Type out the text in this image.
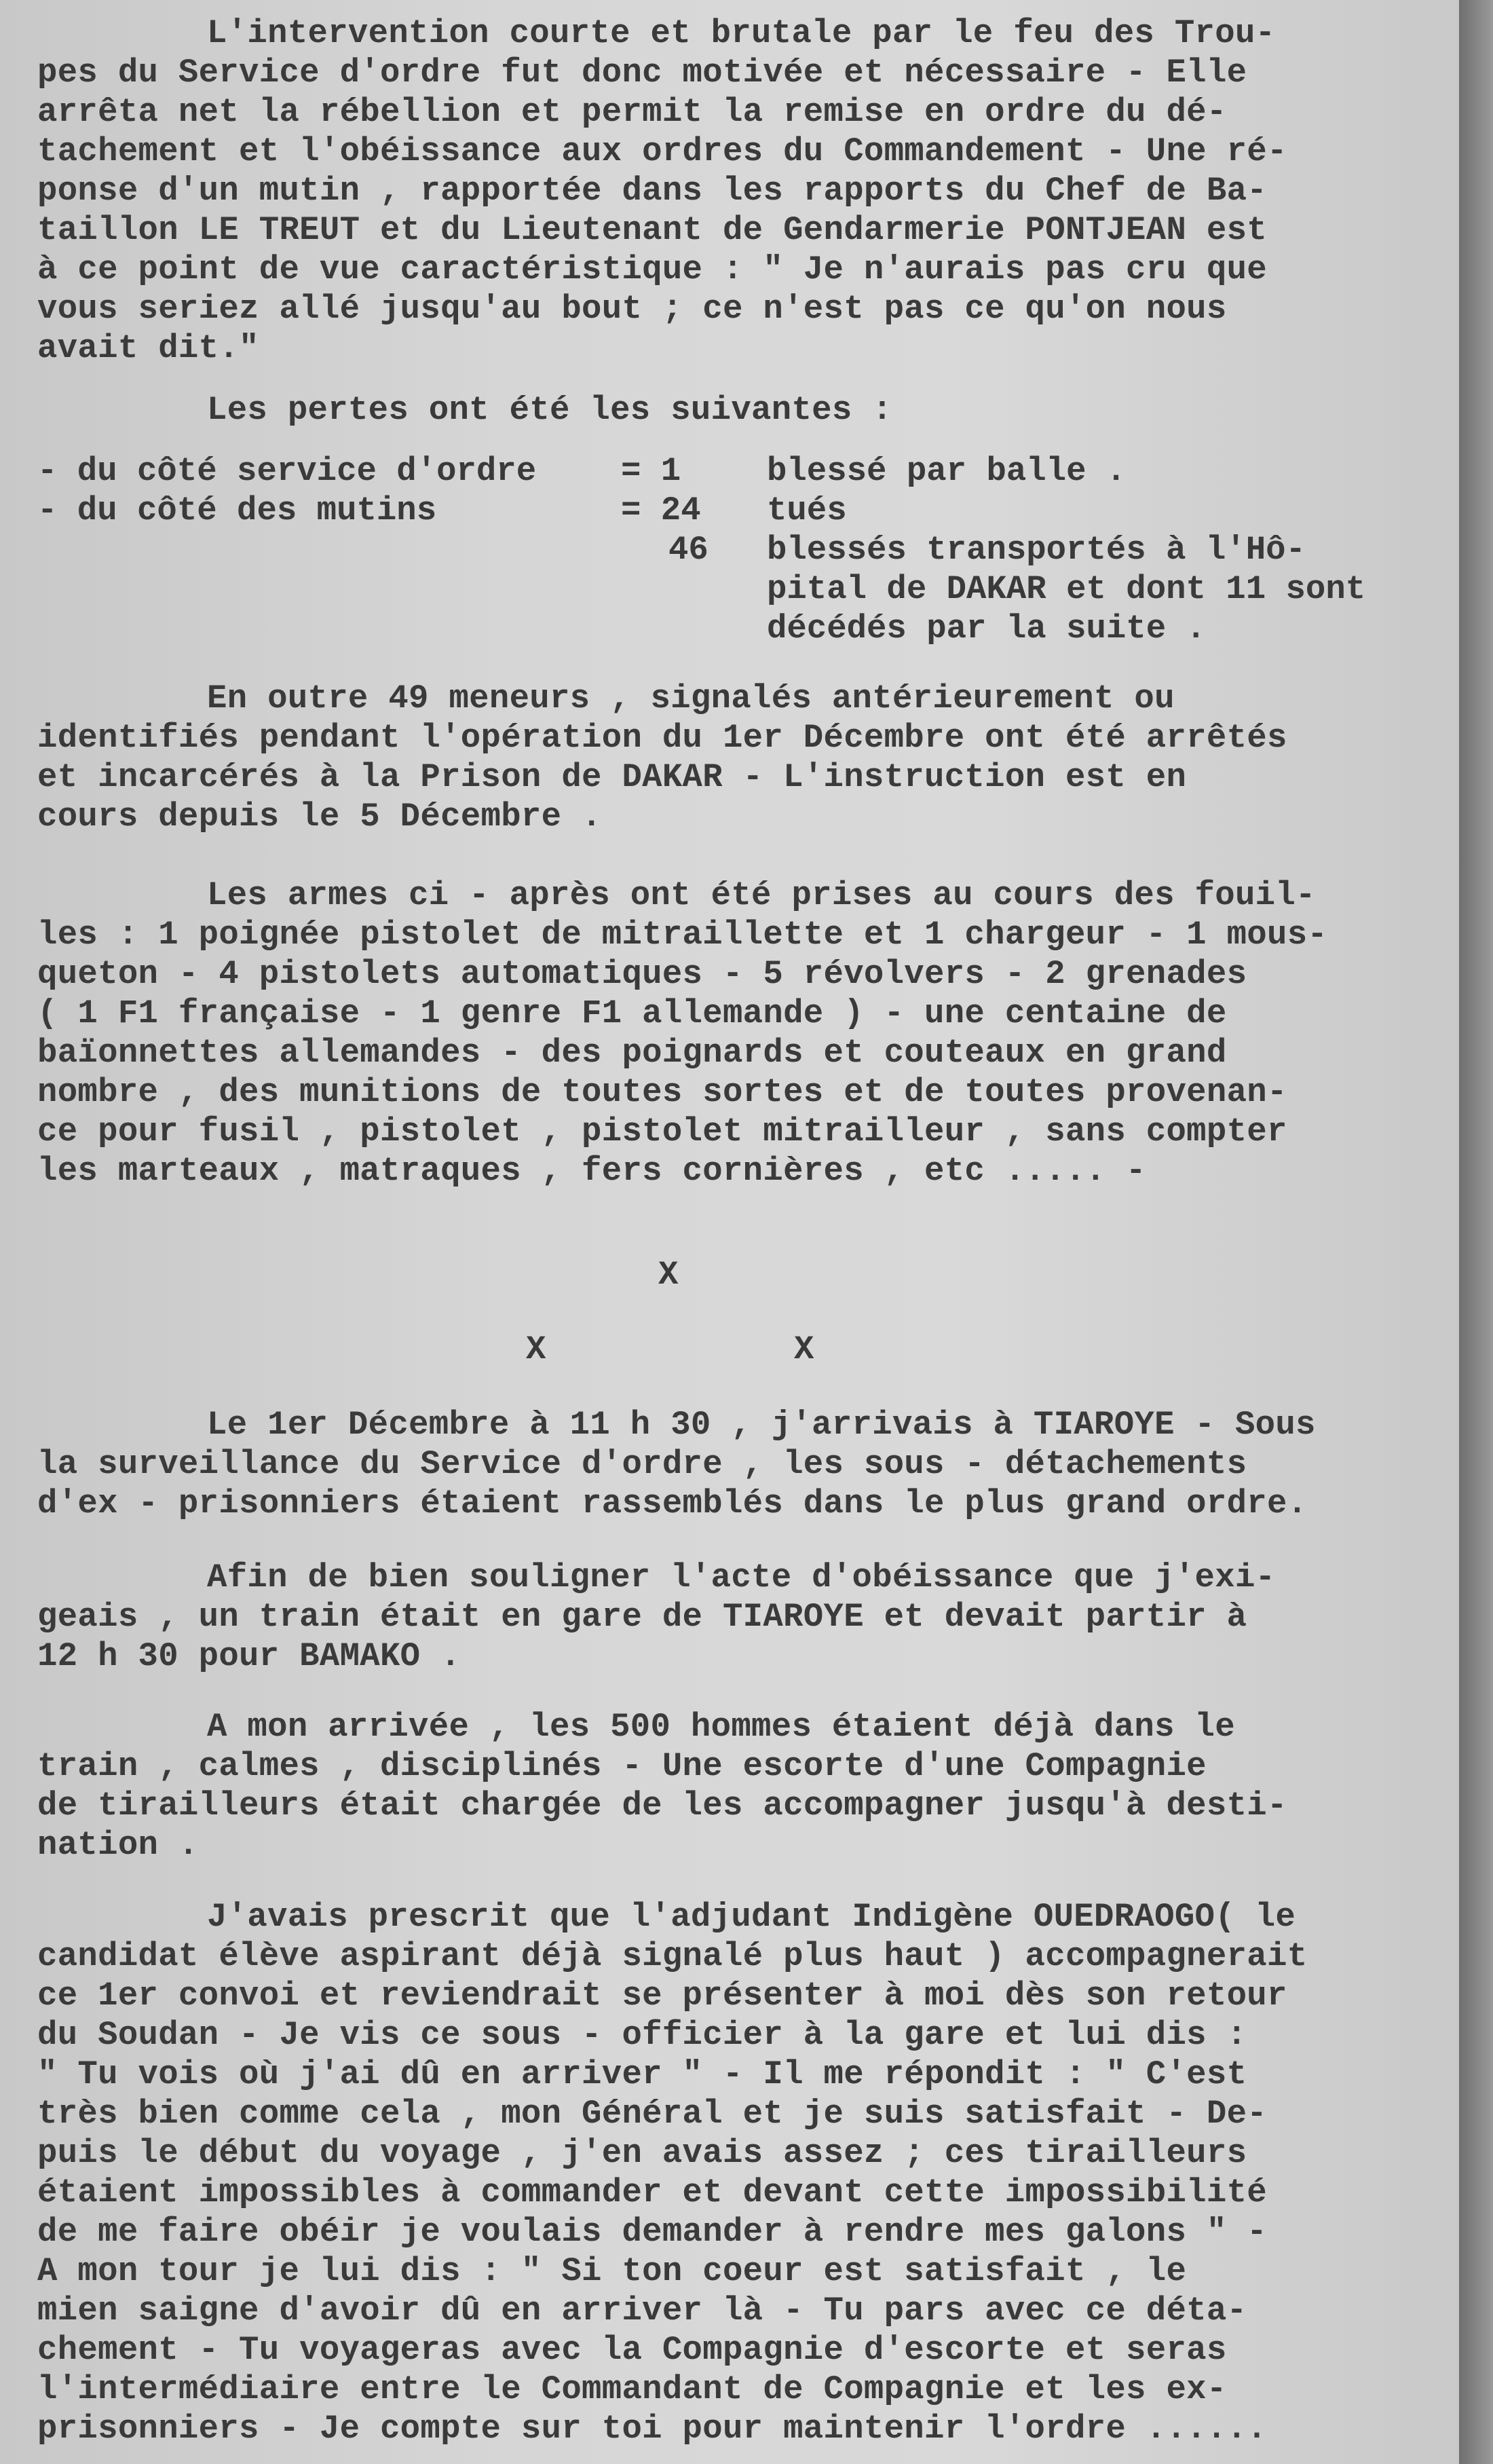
L'intervention courte et brutale par le feu des Trou-
pes du Service d'ordre fut donc motivée et nécessaire - Elle
arrêta net la rébellion et permit la remise en ordre du dé-
tachement et l'obéissance aux ordres du Commandement - Une ré-
ponse d'un mutin , rapportée dans les rapports du Chef de Ba-
taillon LE TREUT et du Lieutenant de Gendarmerie PONTJEAN est
à ce point de vue caractéristique : " Je n'aurais pas cru que
vous seriez allé jusqu'au bout ; ce n'est pas ce qu'on nous
avait dit."
Les pertes ont été les suivantes :
- du côté service d'ordre	= 1	blessé par balle .
- du côté des mutins	= 24 tués
46 blessés transportés à l'Hô-
pital de DAKAR et dont 11 sont
décédés par la suite .
En outre 49 meneurs , signalés antérieurement ou
identifiés pendant l'opération du 1er Décembre ont été arrêtés
et incarcérés à la Prison de DAKAR - L'instruction est en
cours depuis le 5 Décembre .
Les armes ci - après ont été prises au cours des fouil-
les : 1 poignée pistolet de mitraillette et 1 chargeur - 1 mous-
queton - 4 pistolets automatiques - 5 révolvers - 2 grenades
( 1 F1 française - 1 genre F1 allemande ) - une centaine de
baïonnettes allemandes - des poignards et couteaux en grand
nombre , des munitions de toutes sortes et de toutes provenan-
ce pour fusil , pistolet , pistolet mitrailleur , sans compter
les marteaux , matraques , fers cornières , etc ..... -
X
X	X
Le 1er Décembre à 11 h 30 , j'arrivais à TIAROYE - Sous
la surveillance du Service d'ordre , les sous - détachements
d'ex - prisonniers étaient rassemblés dans le plus grand ordre.
Afin de bien souligner l'acte d'obéissance que j'exi-
geais , un train était en gare de TIAROYE et devait partir à
12 h 30 pour BAMAKO .
A mon arrivée , les 500 hommes étaient déjà dans le
train , calmes , disciplinés - Une escorte d'une Compagnie
de tirailleurs était chargée de les accompagner jusqu'à desti-
nation .
J'avais prescrit que l'adjudant Indigène OUEDRAOGO( le
candidat élève aspirant déjà signalé plus haut ) accompagnerait
ce 1er convoi et reviendrait se présenter à moi dès son retour
du Soudan - Je vis ce sous - officier à la gare et lui dis :
" Tu vois où j'ai dû en arriver " - Il me répondit : " C'est
très bien comme cela , mon Général et je suis satisfait - De-
puis le début du voyage , j'en avais assez ; ces tirailleurs
étaient impossibles à commander et devant cette impossibilité
de me faire obéir je voulais demander à rendre mes galons " -
A mon tour je lui dis : " Si ton coeur est satisfait , le
mien saigne d'avoir dû en arriver là - Tu pars avec ce déta-
chement - Tu voyageras avec la Compagnie d'escorte et seras
l'intermédiaire entre le Commandant de Compagnie et les ex-
prisonniers - Je compte sur toi pour maintenir l'ordre ......
